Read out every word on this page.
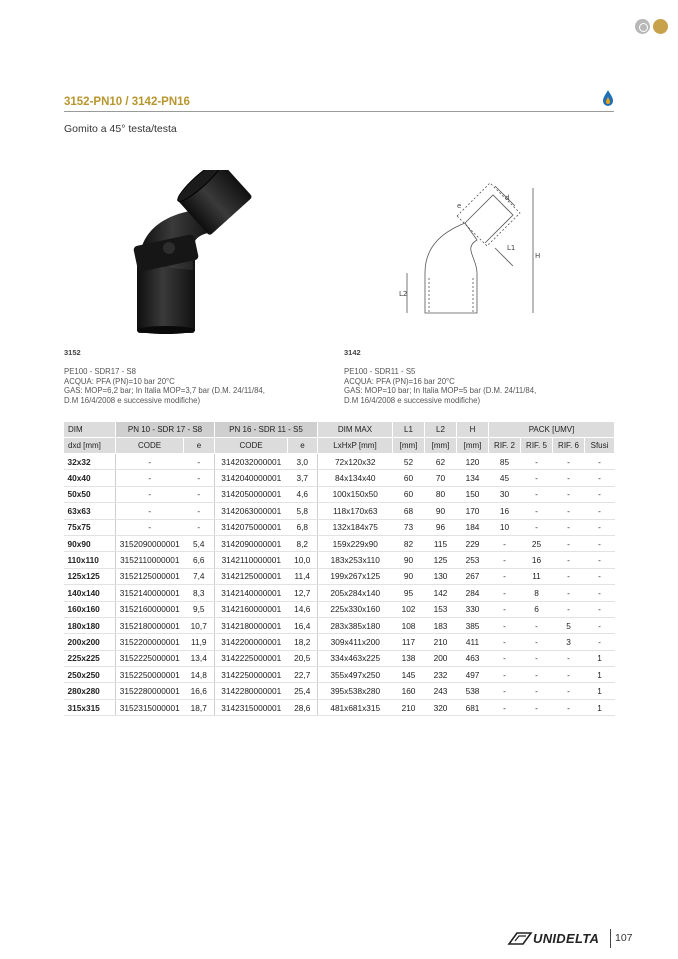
3152-PN10 / 3142-PN16
Gomito a 45° testa/testa
L2
H
L1
d
e
3152	3142
PE100 - SDR17 - S8
ACQUA: PFA (PN)=10 bar 20°C
GAS: MOP=6,2 bar; In Italia MOP=3,7 bar (D.M. 24/11/84,
D.M 16/4/2008 e successive modifiche)
PE100 - SDR11 - S5
ACQUA: PFA (PN)=16 bar 20°C
GAS: MOP=10 bar; In Italia MOP=5 bar (D.M. 24/11/84,
D.M 16/4/2008 e successive modifiche)
DIM	PN 10 - SDR 17 - S8		PN 16 - SDR 11 - S5		DIM MAX	L1	L2	H	PACK [UMV]			
dxd [mm]	CODE	e	CODE	e	LxHxP [mm]	[mm]	[mm]	[mm]	RIF. 2	RIF. 5	RIF. 6	Sfusi
32x32	-	-	3142032000001	3,0	72x120x32	52	62	120	85	-	-	-
40x40	-	-	3142040000001	3,7	84x134x40	60	70	134	45	-	-	-
50x50	-	-	3142050000001	4,6	100x150x50	60	80	150	30	-	-	-
63x63	-	-	3142063000001	5,8	118x170x63	68	90	170	16	-	-	-
75x75	-	-	3142075000001	6,8	132x184x75	73	96	184	10	-	-	-
90x90	3152090000001	5,4	3142090000001	8,2	159x229x90	82	115	229	-	25	-	-
110x110	3152110000001	6,6	3142110000001	10,0	183x253x110	90	125	253	-	16	-	-
125x125	3152125000001	7,4	3142125000001	11,4	199x267x125	90	130	267	-	11	-	-
140x140	3152140000001	8,3	3142140000001	12,7	205x284x140	95	142	284	-	8	-	-
160x160	3152160000001	9,5	3142160000001	14,6	225x330x160	102	153	330	-	6	-	-
180x180	3152180000001	10,7	3142180000001	16,4	283x385x180	108	183	385	-	-	5	-
200x200	3152200000001	11,9	3142200000001	18,2	309x411x200	117	210	411	-	-	3	-
225x225	3152225000001	13,4	3142225000001	20,5	334x463x225	138	200	463	-	-	-	1
250x250	3152250000001	14,8	3142250000001	22,7	355x497x250	145	232	497	-	-	-	1
280x280	3152280000001	16,6	3142280000001	25,4	395x538x280	160	243	538	-	-	-	1
315x315	3152315000001	18,7	3142315000001	28,6	481x681x315	210	320	681	-	-	-	1
UNIDELTA 107
